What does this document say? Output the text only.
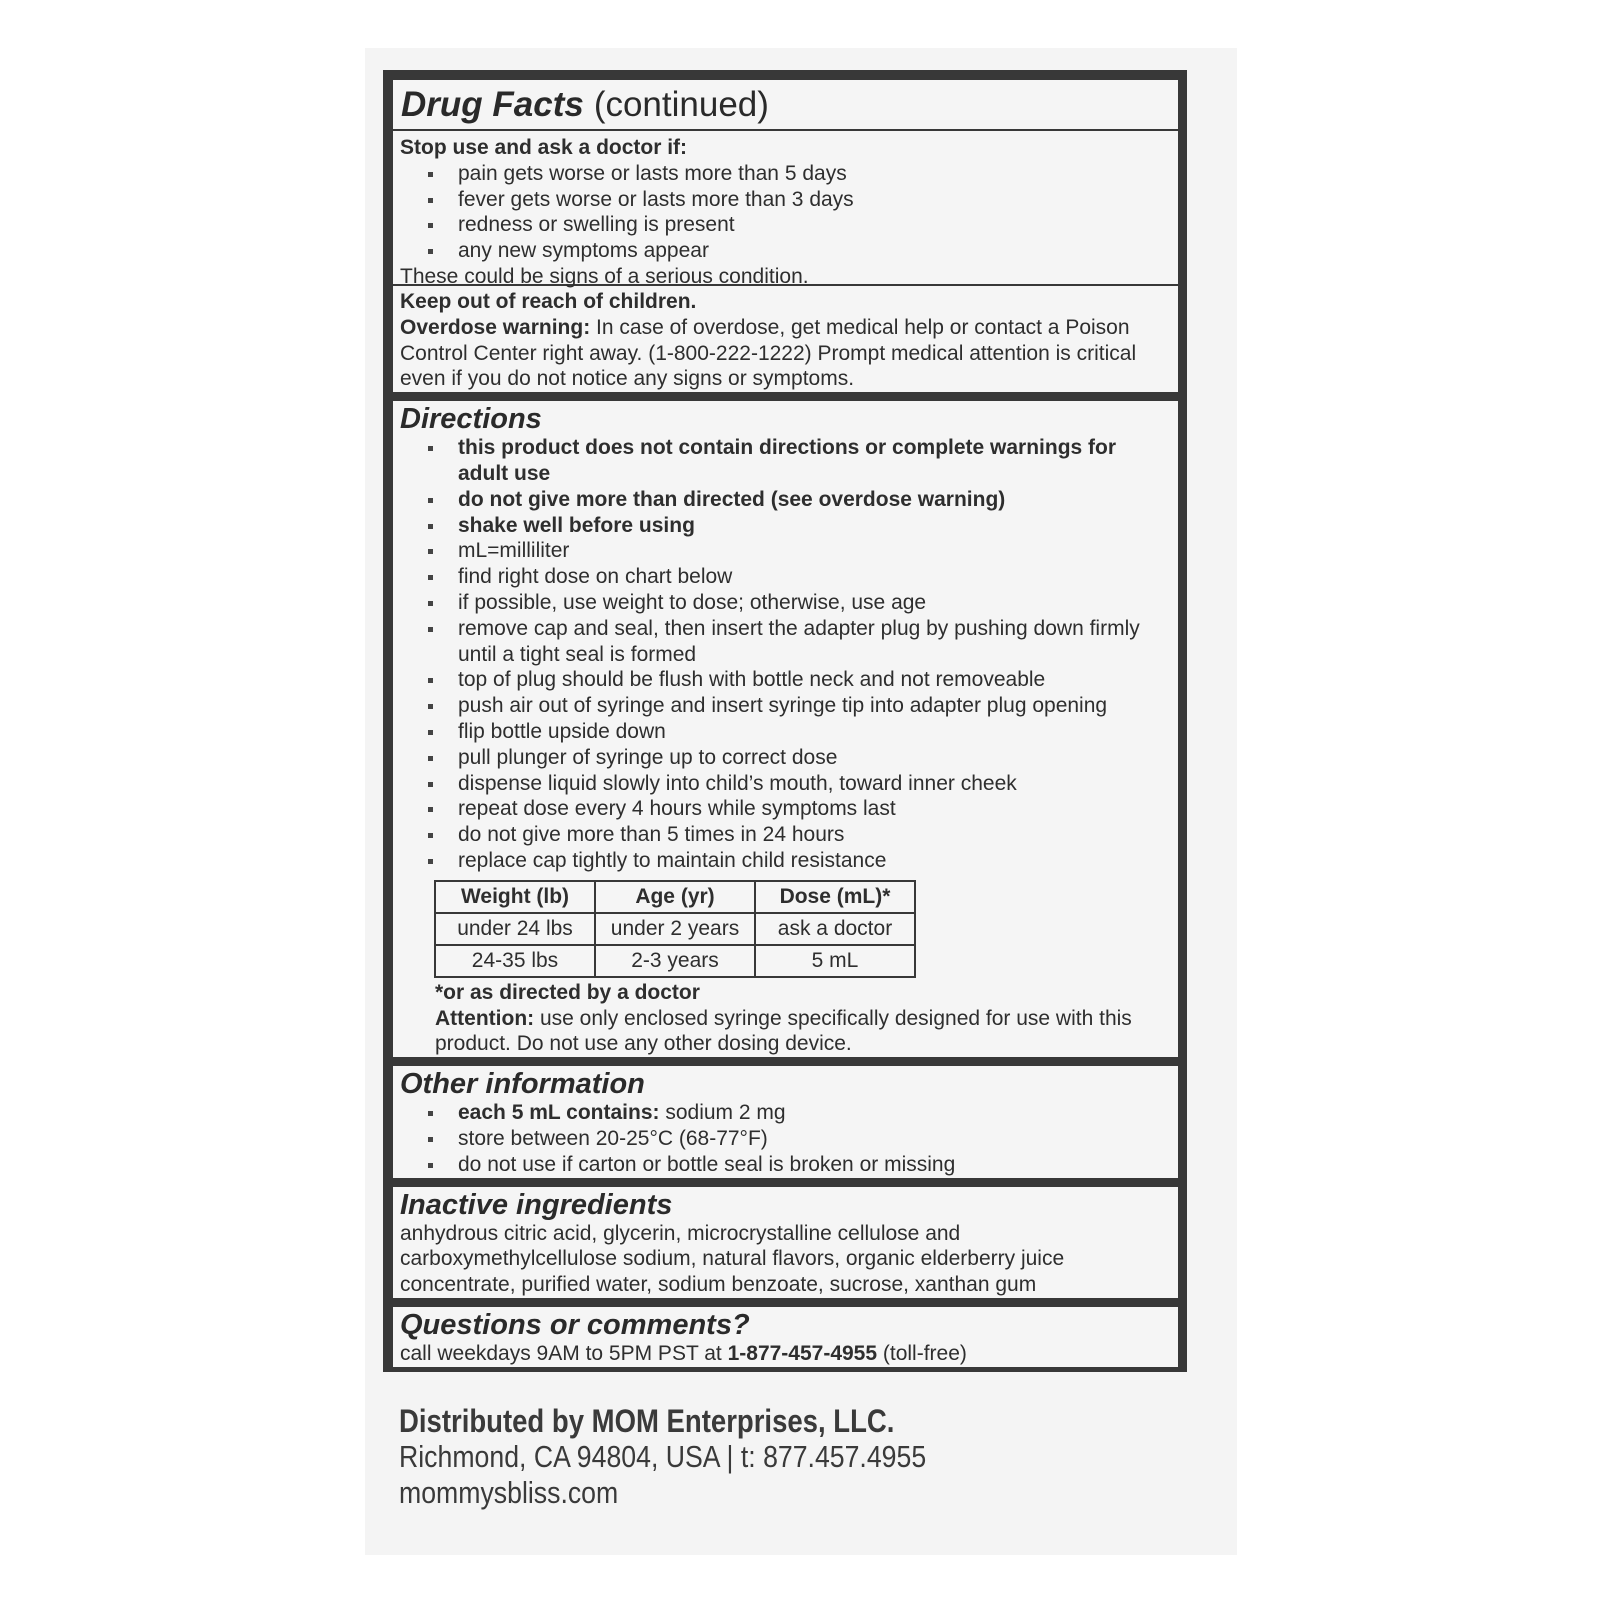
Drug Facts (continued)
Stop use and ask a doctor if:
pain gets worse or lasts more than 5 days
fever gets worse or lasts more than 3 days
redness or swelling is present
any new symptoms appear
These could be signs of a serious condition.
Keep out of reach of children.
Overdose warning: In case of overdose, get medical help or contact a Poison Control Center right away. (1-800-222-1222) Prompt medical attention is critical even if you do not notice any signs or symptoms.
Directions
this product does not contain directions or complete warnings for adult use
do not give more than directed (see overdose warning)
shake well before using
mL=milliliter
find right dose on chart below
if possible, use weight to dose; otherwise, use age
remove cap and seal, then insert the adapter plug by pushing down firmly until a tight seal is formed
top of plug should be flush with bottle neck and not removeable
push air out of syringe and insert syringe tip into adapter plug opening
flip bottle upside down
pull plunger of syringe up to correct dose
dispense liquid slowly into child’s mouth, toward inner cheek
repeat dose every 4 hours while symptoms last
do not give more than 5 times in 24 hours
replace cap tightly to maintain child resistance
Weight (lb)	Age (yr)	Dose (mL)*
under 24 lbs	under 2 years	ask a doctor
24-35 lbs	2-3 years	5 mL
*or as directed by a doctor
Attention: use only enclosed syringe specifically designed for use with this product. Do not use any other dosing device.
Other information
each 5 mL contains: sodium 2 mg
store between 20-25°C (68-77°F)
do not use if carton or bottle seal is broken or missing
Inactive ingredients
anhydrous citric acid, glycerin, microcrystalline cellulose and carboxymethylcellulose sodium, natural flavors, organic elderberry juice concentrate, purified water, sodium benzoate, sucrose, xanthan gum
Questions or comments?
call weekdays 9AM to 5PM PST at 1-877-457-4955 (toll-free)
Distributed by MOM Enterprises, LLC.
Richmond, CA 94804, USA | t: 877.457.4955
mommysbliss.com
